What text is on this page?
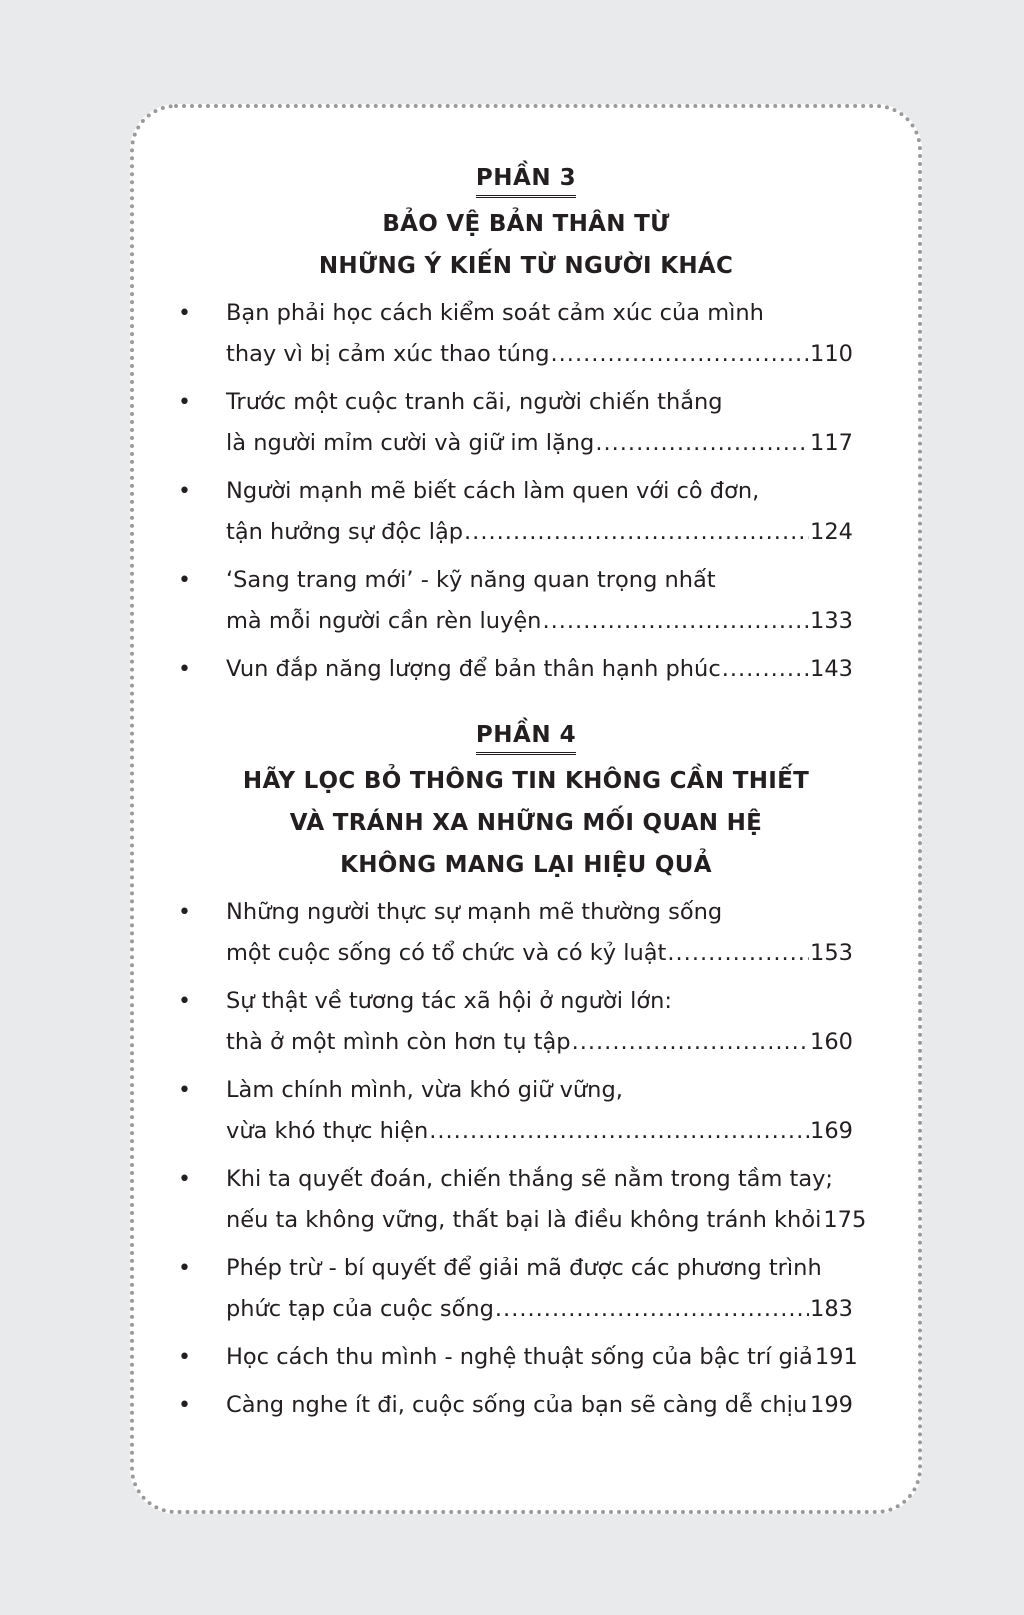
PHẦN 3

BẢO VỆ BẢN THÂN TỪ

NHỮNG Ý KIẾN TỪ NGƯỜI KHÁC

• Bạn phải học cách kiểm soát cảm xúc của mình
thay vì bị cảm xúc thao túng .....	110
• Trước một cuộc tranh cãi, người chiến thắng
là người mỉm cười và giữ im lặng .....	117
• Người mạnh mẽ biết cách làm quen với cô đơn,
tận hưởng sự độc lập .....	124
• ‘Sang trang mới’ - kỹ năng quan trọng nhất
mà mỗi người cần rèn luyện .....	133
• Vun đắp năng lượng để bản thân hạnh phúc .....	143

PHẦN 4

HÃY LỌC BỎ THÔNG TIN KHÔNG CẦN THIẾT

VÀ TRÁNH XA NHỮNG MỐI QUAN HỆ

KHÔNG MANG LẠI HIỆU QUẢ

• Những người thực sự mạnh mẽ thường sống
một cuộc sống có tổ chức và có kỷ luật .....	153
• Sự thật về tương tác xã hội ở người lớn:
thà ở một mình còn hơn tụ tập .....	160
• Làm chính mình, vừa khó giữ vững,
vừa khó thực hiện .....	169
• Khi ta quyết đoán, chiến thắng sẽ nằm trong tầm tay;
nếu ta không vững, thất bại là điều không tránh khỏi 175
• Phép trừ - bí quyết để giải mã được các phương trình
phức tạp của cuộc sống .....	183
• Học cách thu mình - nghệ thuật sống của bậc trí giả 191
• Càng nghe ít đi, cuộc sống của bạn sẽ càng dễ chịu ..... 199
